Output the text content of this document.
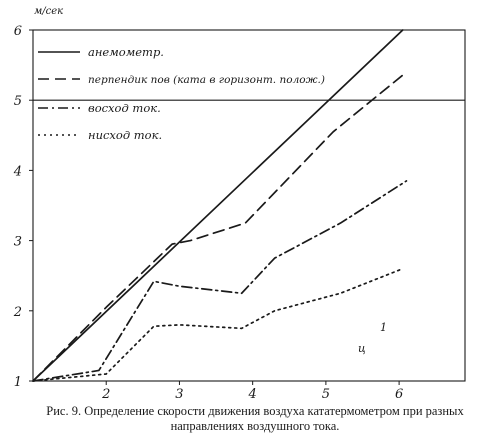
1
2
3
4
5
6
м/сек
2	3	4	5	6
анемометр.
перпендик пов (ката в горизонт. полож.)
восход ток.
нисход ток.
ц
1
Рис. 9. Определение скорости движения воздуха кататермометром при разных
направлениях воздушного тока.
